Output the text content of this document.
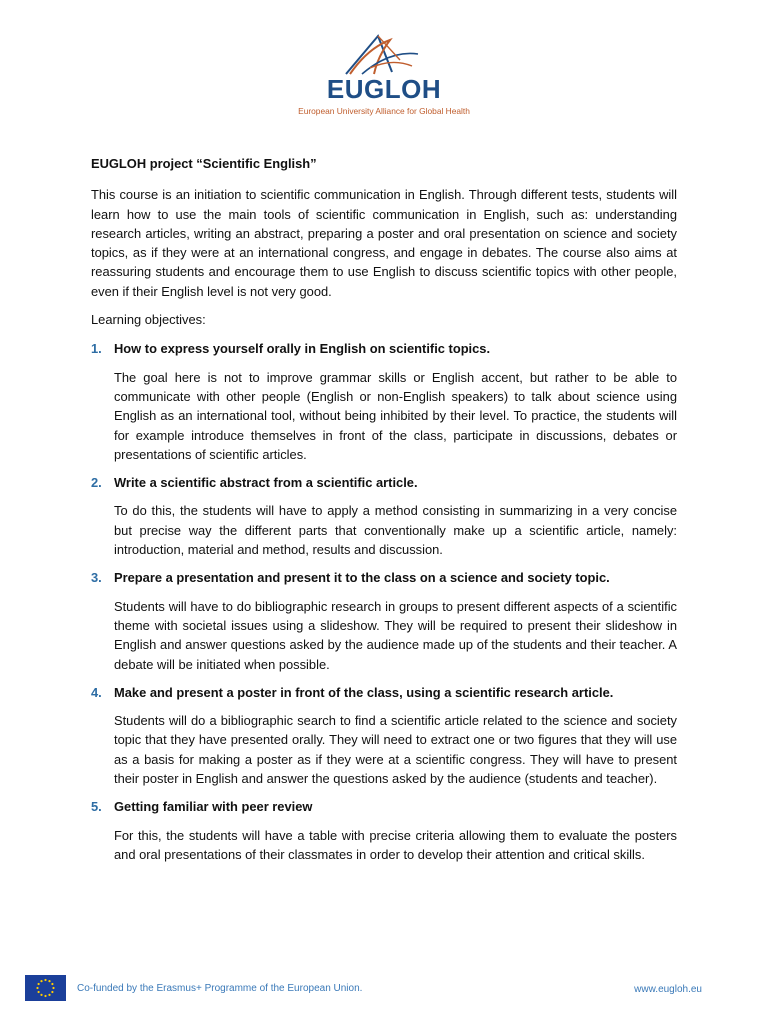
EUGLOH
European University Alliance for Global Health

EUGLOH project “Scientific English”

This course is an initiation to scientific communication in English. Through different tests, students will learn how to use the main tools of scientific communication in English, such as: understanding research articles, writing an abstract, preparing a poster and oral presentation on science and society topics, as if they were at an international congress, and engage in debates. The course also aims at reassuring students and encourage them to use English to discuss scientific topics with other people, even if their English level is not very good.

Learning objectives:

1. How to express yourself orally in English on scientific topics.

The goal here is not to improve grammar skills or English accent, but rather to be able to communicate with other people (English or non-English speakers) to talk about science using English as an international tool, without being inhibited by their level. To practice, the students will for example introduce themselves in front of the class, participate in discussions, debates or presentations of scientific articles.

2. Write a scientific abstract from a scientific article.

To do this, the students will have to apply a method consisting in summarizing in a very concise but precise way the different parts that conventionally make up a scientific article, namely: introduction, material and method, results and discussion.

3. Prepare a presentation and present it to the class on a science and society topic.

Students will have to do bibliographic research in groups to present different aspects of a scientific theme with societal issues using a slideshow. They will be required to present their slideshow in English and answer questions asked by the audience made up of the students and their teacher. A debate will be initiated when possible.

4. Make and present a poster in front of the class, using a scientific research article.

Students will do a bibliographic search to find a scientific article related to the science and society topic that they have presented orally. They will need to extract one or two figures that they will use as a basis for making a poster as if they were at a scientific congress. They will have to present their poster in English and answer the questions asked by the audience (students and teacher).

5. Getting familiar with peer review

For this, the students will have a table with precise criteria allowing them to evaluate the posters and oral presentations of their classmates in order to develop their attention and critical skills.

Co-funded by the Erasmus+ Programme of the European Union.	www.eugloh.eu
